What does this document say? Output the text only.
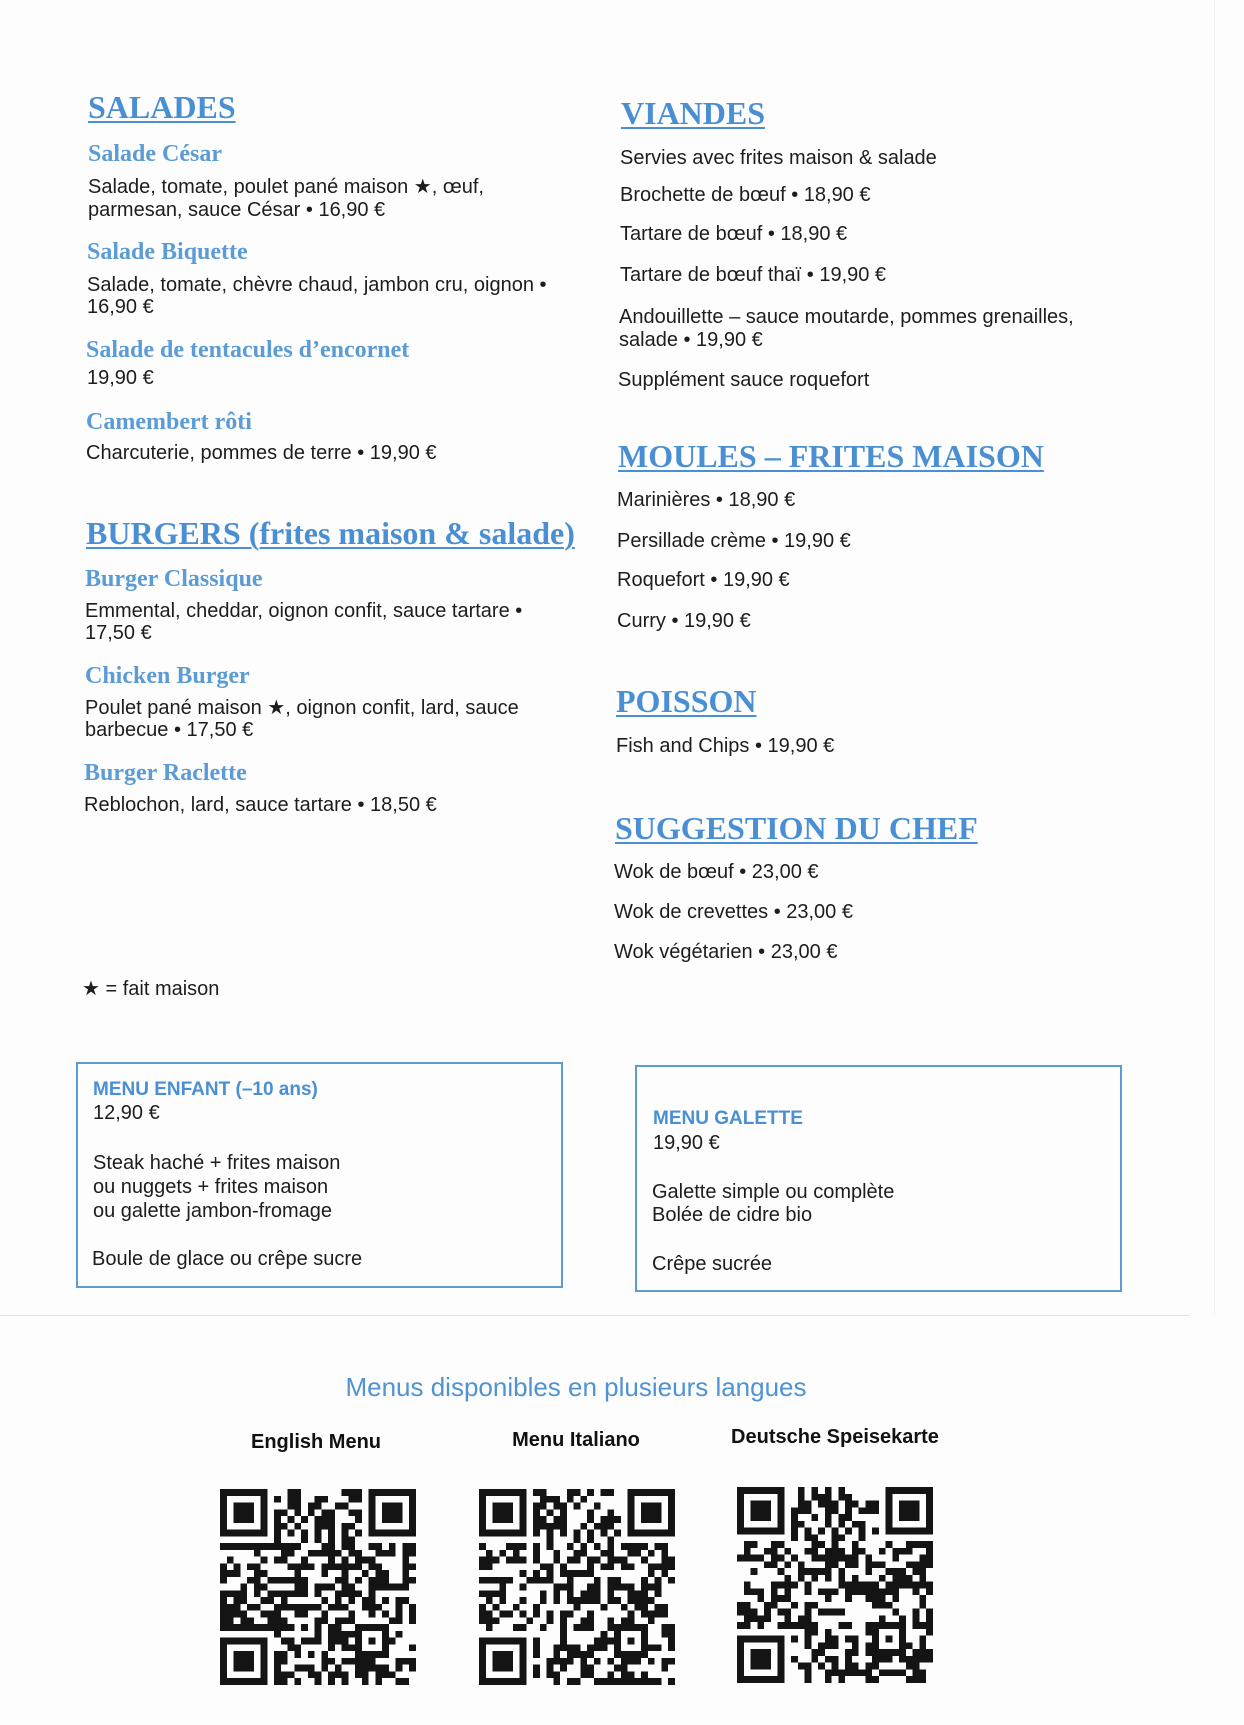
SALADES
Salade César
Salade, tomate, poulet pané maison ★, œuf,
parmesan, sauce César • 16,90 €
Salade Biquette
Salade, tomate, chèvre chaud, jambon cru, oignon •
16,90 €
Salade de tentacules d’encornet
19,90 €
Camembert rôti
Charcuterie, pommes de terre • 19,90 €
BURGERS (frites maison & salade)
Burger Classique
Emmental, cheddar, oignon confit, sauce tartare •
17,50 €
Chicken Burger
Poulet pané maison ★, oignon confit, lard, sauce
barbecue • 17,50 €
Burger Raclette
Reblochon, lard, sauce tartare • 18,50 €
★ = fait maison
VIANDES
Servies avec frites maison & salade
Brochette de bœuf • 18,90 €
Tartare de bœuf • 18,90 €
Tartare de bœuf thaï • 19,90 €
Andouillette – sauce moutarde, pommes grenailles,
salade • 19,90 €
Supplément sauce roquefort
MOULES – FRITES MAISON
Marinières • 18,90 €
Persillade crème • 19,90 €
Roquefort • 19,90 €
Curry • 19,90 €
POISSON
Fish and Chips • 19,90 €
SUGGESTION DU CHEF
Wok de bœuf • 23,00 €
Wok de crevettes • 23,00 €
Wok végétarien • 23,00 €
MENU ENFANT (–10 ans)
12,90 €
Steak haché + frites maison
ou nuggets + frites maison
ou galette jambon-fromage
Boule de glace ou crêpe sucre
MENU GALETTE
19,90 €
Galette simple ou complète
Bolée de cidre bio
Crêpe sucrée
Menus disponibles en plusieurs langues
English Menu	Menu Italiano	Deutsche Speisekarte
